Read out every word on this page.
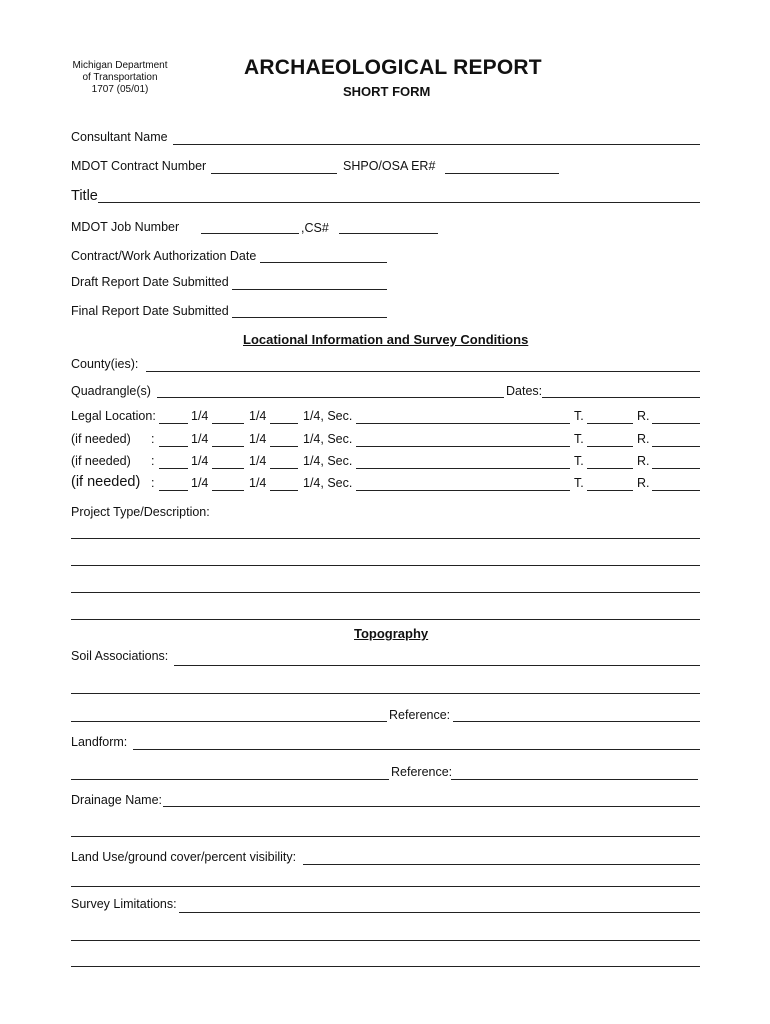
Michigan Department
of Transportation
1707 (05/01)
ARCHAEOLOGICAL REPORT
SHORT FORM
Consultant Name
MDOT Contract Number	SHPO/OSA ER#
Title
MDOT Job Number	,CS#
Contract/Work Authorization Date
Draft Report Date Submitted
Final Report Date Submitted
Locational Information and Survey Conditions
County(ies):
Quadrangle(s)	Dates:
Legal Location:	1/4	1/4	1/4, Sec.	T.	R.
(if needed) :	1/4	1/4	1/4, Sec.	T.	R.
(if needed) :	1/4	1/4	1/4, Sec.	T.	R.
(if needed) :	1/4	1/4	1/4, Sec.	T.	R.
Project Type/Description:
Topography
Soil Associations:
Reference:
Landform:
Reference:
Drainage Name:
Land Use/ground cover/percent visibility:
Survey Limitations:
